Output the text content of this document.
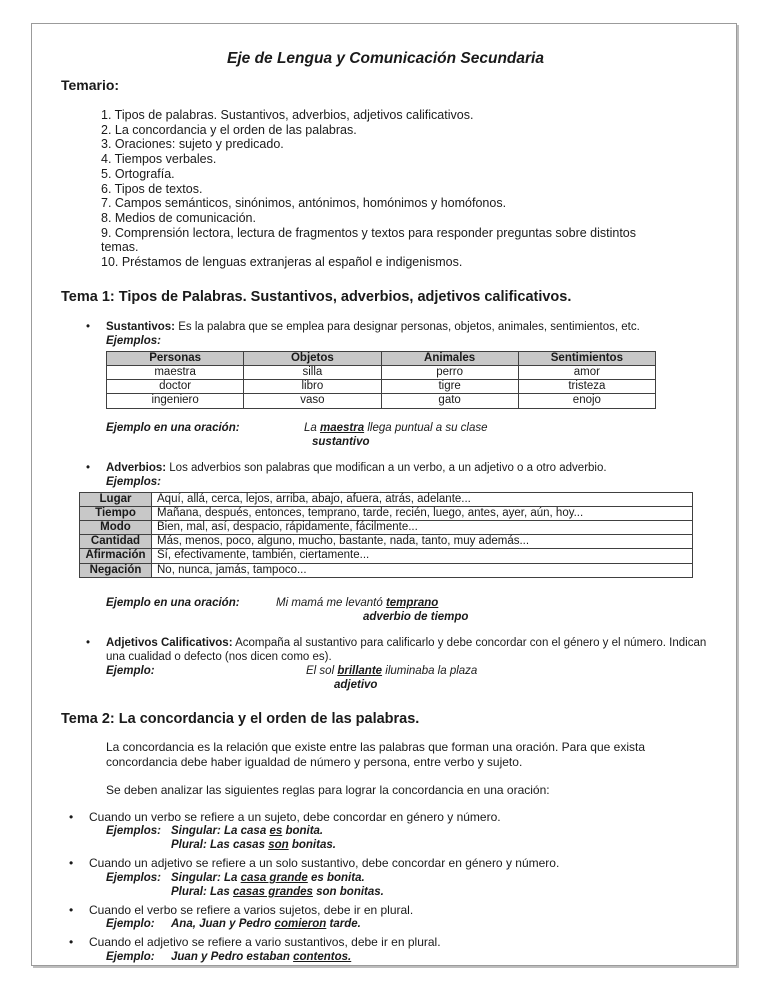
Eje de Lengua y Comunicación Secundaria
Temario:
1. Tipos de palabras. Sustantivos, adverbios, adjetivos calificativos.
2. La concordancia y el orden de las palabras.
3. Oraciones: sujeto y predicado.
4. Tiempos verbales.
5. Ortografía.
6. Tipos de textos.
7. Campos semánticos, sinónimos, antónimos, homónimos y homófonos.
8. Medios de comunicación.
9. Comprensión lectora, lectura de fragmentos y textos para responder preguntas sobre distintos temas.
10. Préstamos de lenguas extranjeras al español e indigenismos.
Tema 1: Tipos de Palabras. Sustantivos, adverbios, adjetivos calificativos.
•	Sustantivos: Es la palabra que se emplea para designar personas, objetos, animales, sentimientos, etc.
Ejemplos:
Personas	Objetos	Animales	Sentimientos
maestra	silla	perro	amor
doctor	libro	tigre	tristeza
ingeniero	vaso	gato	enojo
Ejemplo en una oración:	La maestra llega puntual a su clase
sustantivo
•	Adverbios: Los adverbios son palabras que modifican a un verbo, a un adjetivo o a otro adverbio.
Ejemplos:
Lugar	Aquí, allá, cerca, lejos, arriba, abajo, afuera, atrás, adelante...
Tiempo	Mañana, después, entonces, temprano, tarde, recién, luego, antes, ayer, aún, hoy...
Modo	Bien, mal, así, despacio, rápidamente, fácilmente...
Cantidad	Más, menos, poco, alguno, mucho, bastante, nada, tanto, muy además...
Afirmación	Sí, efectivamente, también, ciertamente...
Negación	No, nunca, jamás, tampoco...
Ejemplo en una oración:	Mi mamá me levantó temprano
adverbio de tiempo
•	Adjetivos Calificativos: Acompaña al sustantivo para calificarlo y debe concordar con el género y el número. Indican una cualidad o defecto (nos dicen como es).
Ejemplo:	El sol brillante iluminaba la plaza
adjetivo
Tema 2: La concordancia y el orden de las palabras.
La concordancia es la relación que existe entre las palabras que forman una oración. Para que exista concordancia debe haber igualdad de número y persona, entre verbo y sujeto.
Se deben analizar las siguientes reglas para lograr la concordancia en una oración:
•	Cuando un verbo se refiere a un sujeto, debe concordar en género y número.
Ejemplos: Singular: La casa es bonita.
Plural: Las casas son bonitas.
•	Cuando un adjetivo se refiere a un solo sustantivo, debe concordar en género y número.
Ejemplos: Singular: La casa grande es bonita.
Plural: Las casas grandes son bonitas.
•	Cuando el verbo se refiere a varios sujetos, debe ir en plural.
Ejemplo:	Ana, Juan y Pedro comieron tarde.
•	Cuando el adjetivo se refiere a vario sustantivos, debe ir en plural.
Ejemplo:	Juan y Pedro estaban contentos.
